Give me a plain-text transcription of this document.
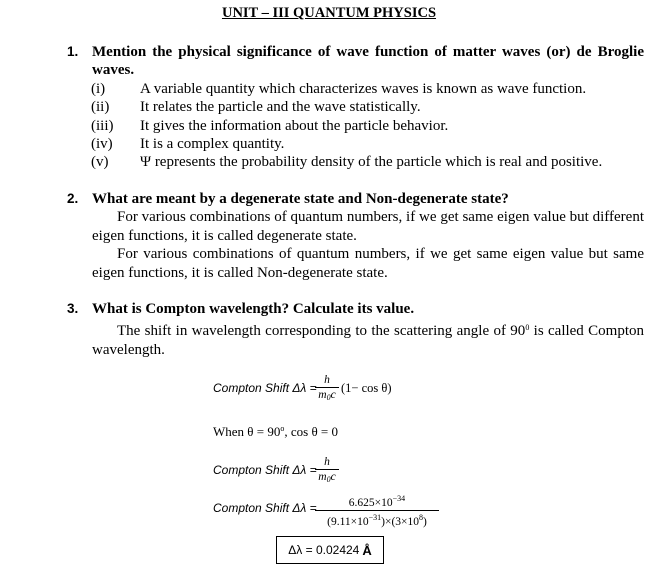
UNIT – III QUANTUM PHYSICS
1. Mention the physical significance of wave function of matter waves (or) de Broglie waves.
(i) A variable quantity which characterizes waves is known as wave function.
(ii) It relates the particle and the wave statistically.
(iii) It gives the information about the particle behavior.
(iv) It is a complex quantity.
(v) Ψ represents the probability density of the particle which is real and positive.
2. What are meant by a degenerate state and Non-degenerate state?
For various combinations of quantum numbers, if we get same eigen value but different eigen functions, it is called degenerate state.
For various combinations of quantum numbers, if we get same eigen value but same eigen functions, it is called Non-degenerate state.
3. What is Compton wavelength? Calculate its value.
The shift in wavelength corresponding to the scattering angle of $90^0$ is called Compton wavelength.
Compton Shift Δλ =
h
$m_0c$ (1− cos θ)
When $\theta = 90^o$, cos θ = 0
Compton Shift Δλ =
h
$m_0c$
Compton Shift Δλ =	$6.625\times 10^{-34}$
$(9.11\times 10^{-31})\times(3\times 10^8)$
Δλ = 0.02424 Å
